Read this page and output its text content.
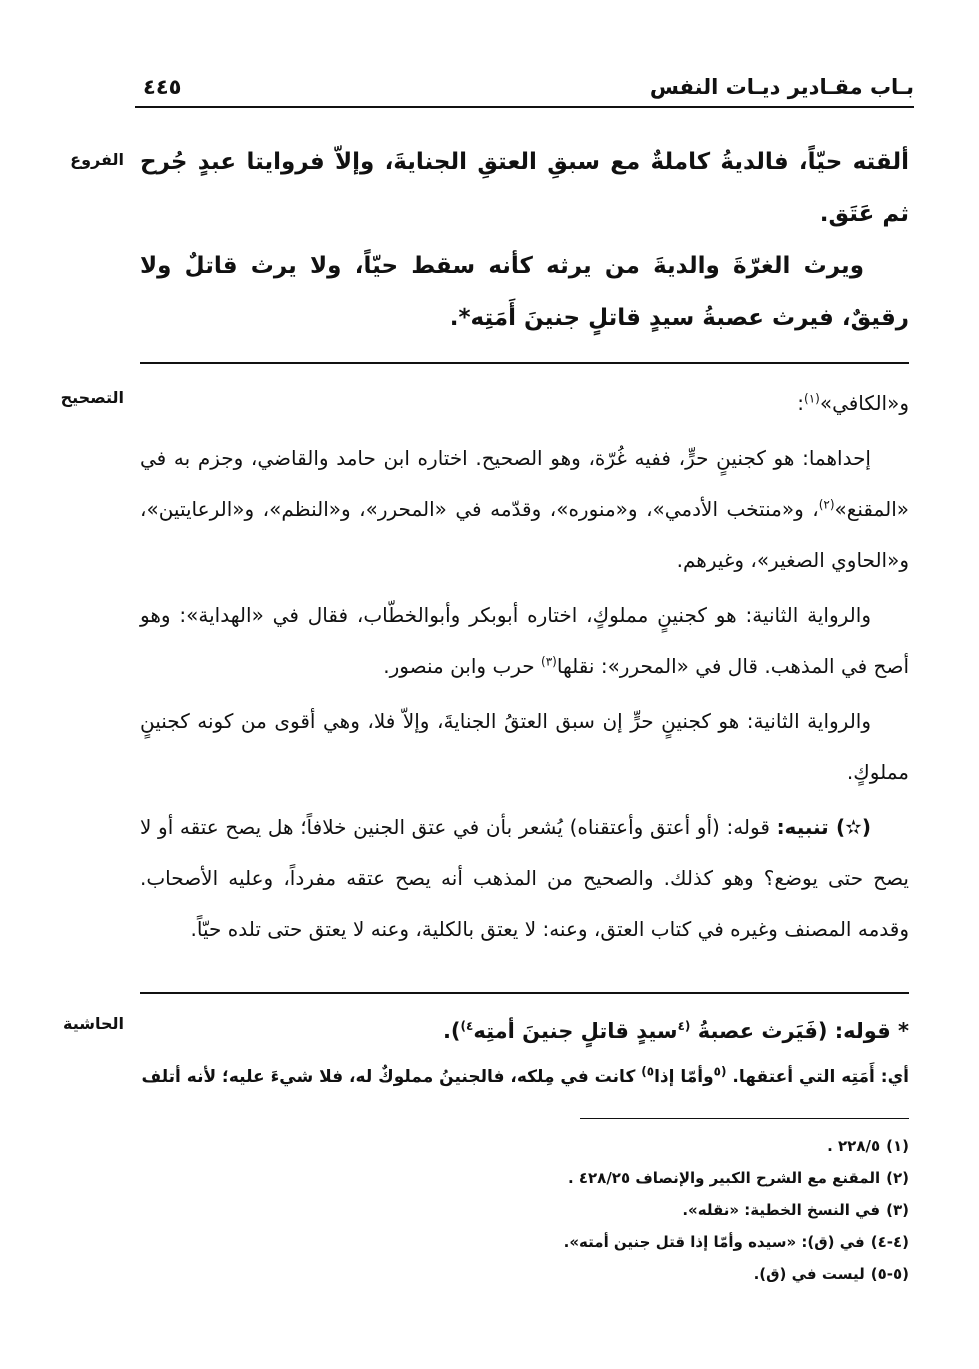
بـاب مقـادير ديـات النفس
٤٤٥
الفروع ألقته حيّاً، فالديةُ كاملةٌ مع سبقِ العتقِ الجنايةَ، وإلاّ فروايتا عبدٍ جُرح ثم عَتَق.

ويرث الغرّةَ والديةَ من يرثه كأنه سقط حيّاً، ولا يرث قاتلٌ ولا رقيقٌ، فيرث عصبةُ سيدٍ قاتلٍ جنينَ أَمَتِه*.

التصحيح	و«الكافي»$^{(١)}$:

إحداهما: هو كجنينٍ حرٍّ، ففيه غُرّة، وهو الصحيح. اختاره ابن حامد والقاضي، وجزم به في «المقنع»$^{(٢)}$، و«منتخب الأدمي»، و«منوره»، وقدّمه في «المحرر»، و«النظم»، و«الرعايتين»، و«الحاوي الصغير»، وغيرهم.

والرواية الثانية: هو كجنينٍ مملوكٍ، اختاره أبوبكر وأبوالخطّاب، فقال في «الهداية»: وهو أصح في المذهب. قال في «المحرر»: نقلها$^{(٣)}$ حرب وابن منصور.

والرواية الثانية: هو كجنينٍ حرٍّ إن سبق العتقُ الجنايةَ، وإلاّ فلا، وهي أقوى من كونه كجنينٍ مملوكٍ.

(✫) تنبيه: قوله: (أو أعتق وأعتقناه) يُشعر بأن في عتق الجنين خلافاً؛ هل يصح عتقه أو لا يصح حتى يوضع؟ وهو كذلك. والصحيح من المذهب أنه يصح عتقه مفرداً، وعليه الأصحاب. وقدمه المصنف وغيره في كتاب العتق، وعنه: لا يعتق بالكلية، وعنه لا يعتق حتى تلده حيّاً.

الحاشية	* قوله: (فَيَرث عصبةُ $^{(٤}$سيدٍ قاتلٍ جنينَ أمتِه$^{٤)}$).

أي: أَمَتِه التي أعتقها. $^{(٥}$وأمّا إذا$^{٥)}$ كانت في مِلكه، فالجنينُ مملوكٌ له، فلا شيءَ عليه؛ لأنه أتلف

(١)٢٢٨/٥ .
(٢)المقنع مع الشرح الكبير والإنصاف ٤٢٨/٢٥ .
(٣)في النسخ الخطية: «نقله».
(٤-٤)في (ق): «سيده وأمّا إذا قتل جنين أمته».
(٥-٥)ليست في (ق).
